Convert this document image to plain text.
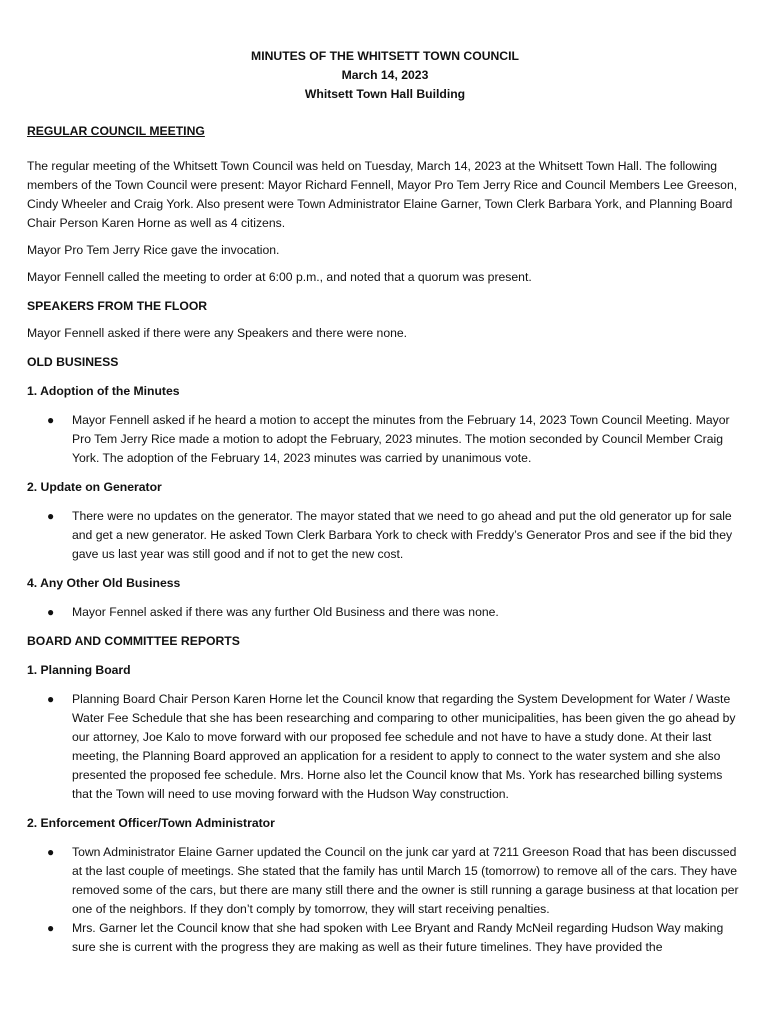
MINUTES OF THE WHITSETT TOWN COUNCIL
March 14, 2023
Whitsett Town Hall Building
REGULAR COUNCIL MEETING
The regular meeting of the Whitsett Town Council was held on Tuesday, March 14, 2023 at the Whitsett Town Hall. The following members of the Town Council were present: Mayor Richard Fennell, Mayor Pro Tem Jerry Rice and Council Members Lee Greeson, Cindy Wheeler and Craig York. Also present were Town Administrator Elaine Garner, Town Clerk Barbara York, and Planning Board Chair Person Karen Horne as well as 4 citizens.
Mayor Pro Tem Jerry Rice gave the invocation.
Mayor Fennell called the meeting to order at 6:00 p.m., and noted that a quorum was present.
SPEAKERS FROM THE FLOOR
Mayor Fennell asked if there were any Speakers and there were none.
OLD BUSINESS
1. Adoption of the Minutes
● Mayor Fennell asked if he heard a motion to accept the minutes from the February 14, 2023 Town Council Meeting. Mayor Pro Tem Jerry Rice made a motion to adopt the February, 2023 minutes. The motion seconded by Council Member Craig York. The adoption of the February 14, 2023 minutes was carried by unanimous vote.
2. Update on Generator
● There were no updates on the generator. The mayor stated that we need to go ahead and put the old generator up for sale and get a new generator. He asked Town Clerk Barbara York to check with Freddy’s Generator Pros and see if the bid they gave us last year was still good and if not to get the new cost.
4. Any Other Old Business
● Mayor Fennel asked if there was any further Old Business and there was none.
BOARD AND COMMITTEE REPORTS
1. Planning Board
● Planning Board Chair Person Karen Horne let the Council know that regarding the System Development for Water / Waste Water Fee Schedule that she has been researching and comparing to other municipalities, has been given the go ahead by our attorney, Joe Kalo to move forward with our proposed fee schedule and not have to have a study done. At their last meeting, the Planning Board approved an application for a resident to apply to connect to the water system and she also presented the proposed fee schedule. Mrs. Horne also let the Council know that Ms. York has researched billing systems that the Town will need to use moving forward with the Hudson Way construction.
2. Enforcement Officer/Town Administrator
● Town Administrator Elaine Garner updated the Council on the junk car yard at 7211 Greeson Road that has been discussed at the last couple of meetings. She stated that the family has until March 15 (tomorrow) to remove all of the cars. They have removed some of the cars, but there are many still there and the owner is still running a garage business at that location per one of the neighbors. If they don’t comply by tomorrow, they will start receiving penalties.
● Mrs. Garner let the Council know that she had spoken with Lee Bryant and Randy McNeil regarding Hudson Way making sure she is current with the progress they are making as well as their future timelines. They have provided the
